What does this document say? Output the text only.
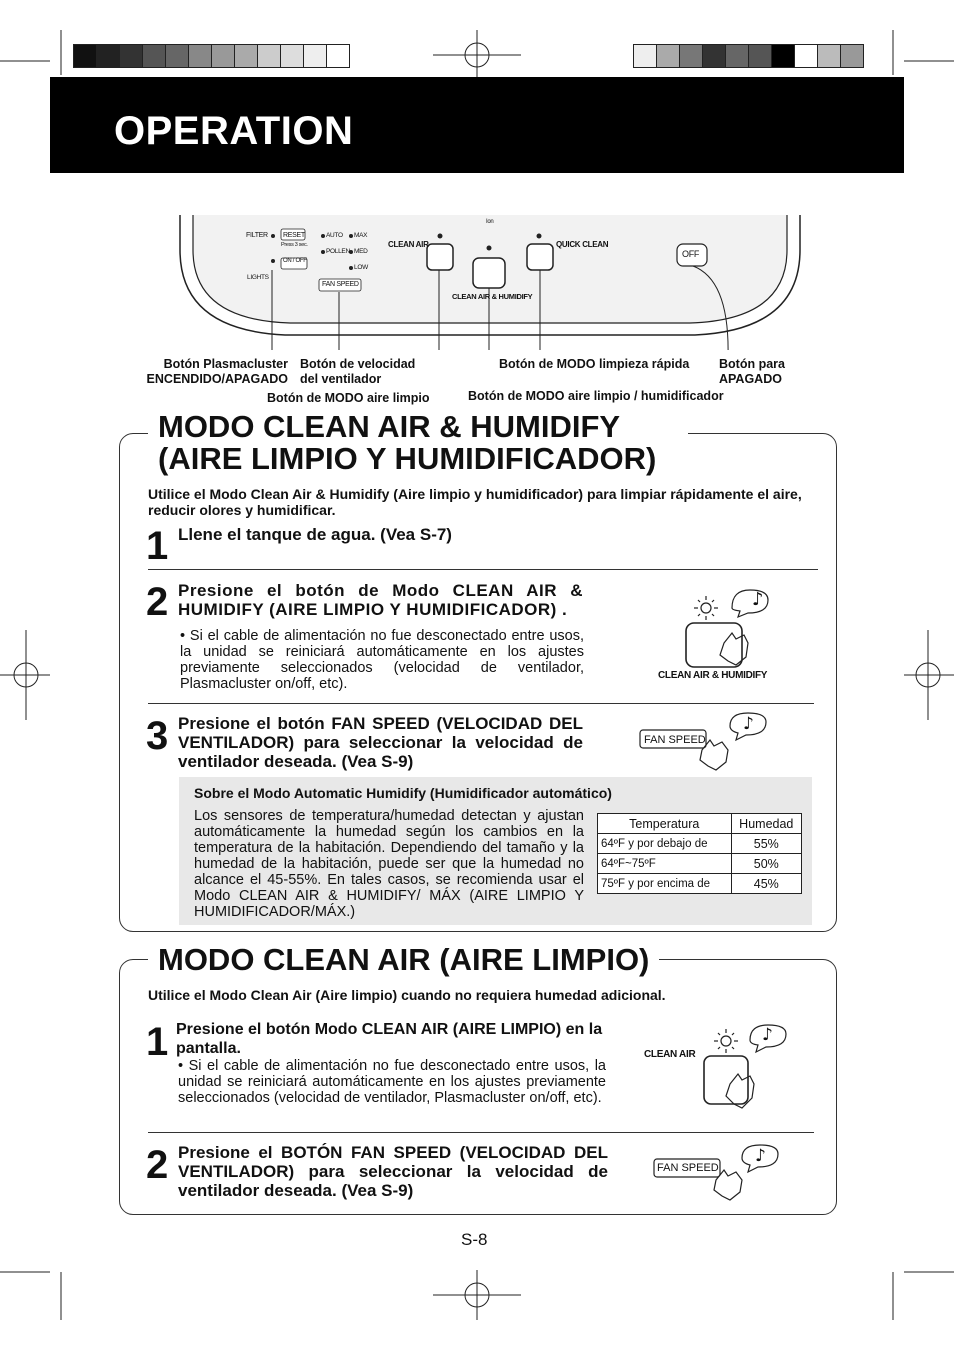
OPERATION
FILTER RESET
Press 3 sec.
ON / OFF
LIGHTS
AUTO MAX
POLLEN MED
LOW
FAN SPEED
CLEAN AIR
Ion
QUICK CLEAN
CLEAN AIR & HUMIDIFY
OFF
Botón Plasmacluster
ENCENDIDO/APAGADO
Botón de velocidad
del ventilador
Botón de MODO limpieza rápida	Botón para
APAGADO
Botón de MODO aire limpio	Botón de MODO aire limpio / humidificador
MODO CLEAN AIR & HUMIDIFY
(AIRE LIMPIO Y HUMIDIFICADOR)
Utilice el Modo Clean Air & Humidify (Aire limpio y humidificador) para limpiar rápidamente el aire, reducir olores y humidificar.
1 Llene el tanque de agua. (Vea S-7)
2 Presione el botón de Modo CLEAN AIR & HUMIDIFY (AIRE LIMPIO Y HUMIDIFICADOR) .
• Si el cable de alimentación no fue desconectado entre usos, la unidad se reiniciará automáticamente en los ajustes previamente seleccionados (velocidad de ventilador, Plasmacluster on/off, etc).
♪
CLEAN AIR & HUMIDIFY
3 Presione el botón FAN SPEED (VELOCIDAD DEL VENTILADOR) para seleccionar la velocidad de ventilador deseada. (Vea S-9)
♪
FAN SPEED
Sobre el Modo Automatic Humidify (Humidificador automático)
Los sensores de temperatura/humedad detectan y ajustan automáticamente la humedad según los cambios en la temperatura de la habitación. Dependiendo del tamaño y la humedad de la habitación, puede ser que la humedad no alcance el 45-55%. En tales casos, se recomienda usar el Modo CLEAN AIR & HUMIDIFY/ MÁX (AIRE LIMPIO Y HUMIDIFICADOR/MÁX.)
Temperatura	Humedad
64ºF y por debajo de	55%
64ºF~75ºF	50%
75ºF y por encima de	45%
MODO CLEAN AIR (AIRE LIMPIO)
Utilice el Modo Clean Air (Aire limpio) cuando no requiera humedad adicional.
1 Presione el botón Modo CLEAN AIR (AIRE LIMPIO) en la pantalla.
• Si el cable de alimentación no fue desconectado entre usos, la unidad se reiniciará automáticamente en los ajustes previamente seleccionados (velocidad de ventilador, Plasmacluster on/off, etc).
CLEAN AIR
♪
2 Presione el BOTÓN FAN SPEED (VELOCIDAD DEL VENTILADOR) para seleccionar la velocidad de ventilador deseada. (Vea S-9)
♪
FAN SPEED
S-8
